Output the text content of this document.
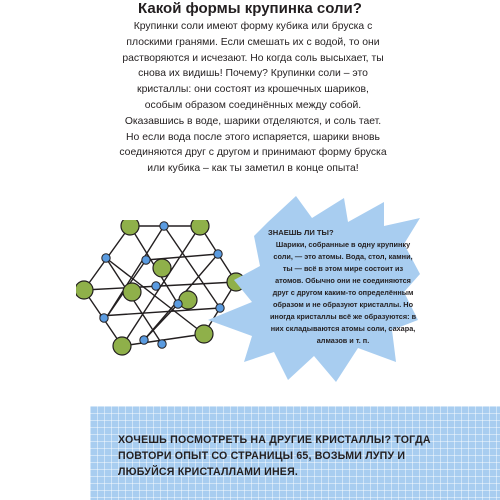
Какой формы крупинка соли?

Крупинки соли имеют форму кубика или бруска с плоскими гранями. Если смешать их с водой, то они растворяются и исчезают. Но когда соль высыхает, ты снова их видишь! Почему? Крупинки соли – это кристаллы: они состоят из крошечных шариков, особым образом соединённых между собой. Оказавшись в воде, шарики отделяются, и соль тает. Но если вода после этого испаряется, шарики вновь соединяются друг с другом и принимают форму бруска или кубика – как ты заметил в конце опыта!

ЗНАЕШЬ ЛИ ТЫ?
Шарики, собранные в одну крупинку соли, — это атомы. Вода, стол, камни, ты — всё в этом мире состоит из атомов. Обычно они не соединяются друг с другом каким-то определённым образом и не образуют кристаллы. Но иногда кристаллы всё же образуются: в них складываются атомы соли, сахара, алмазов и т. п.
ХОЧЕШЬ ПОСМОТРЕТЬ НА ДРУГИЕ КРИСТАЛЛЫ? ТОГДА ПОВТОРИ ОПЫТ СО СТРАНИЦЫ 65, ВОЗЬМИ ЛУПУ И ЛЮБУЙСЯ КРИСТАЛЛАМИ ИНЕЯ.
